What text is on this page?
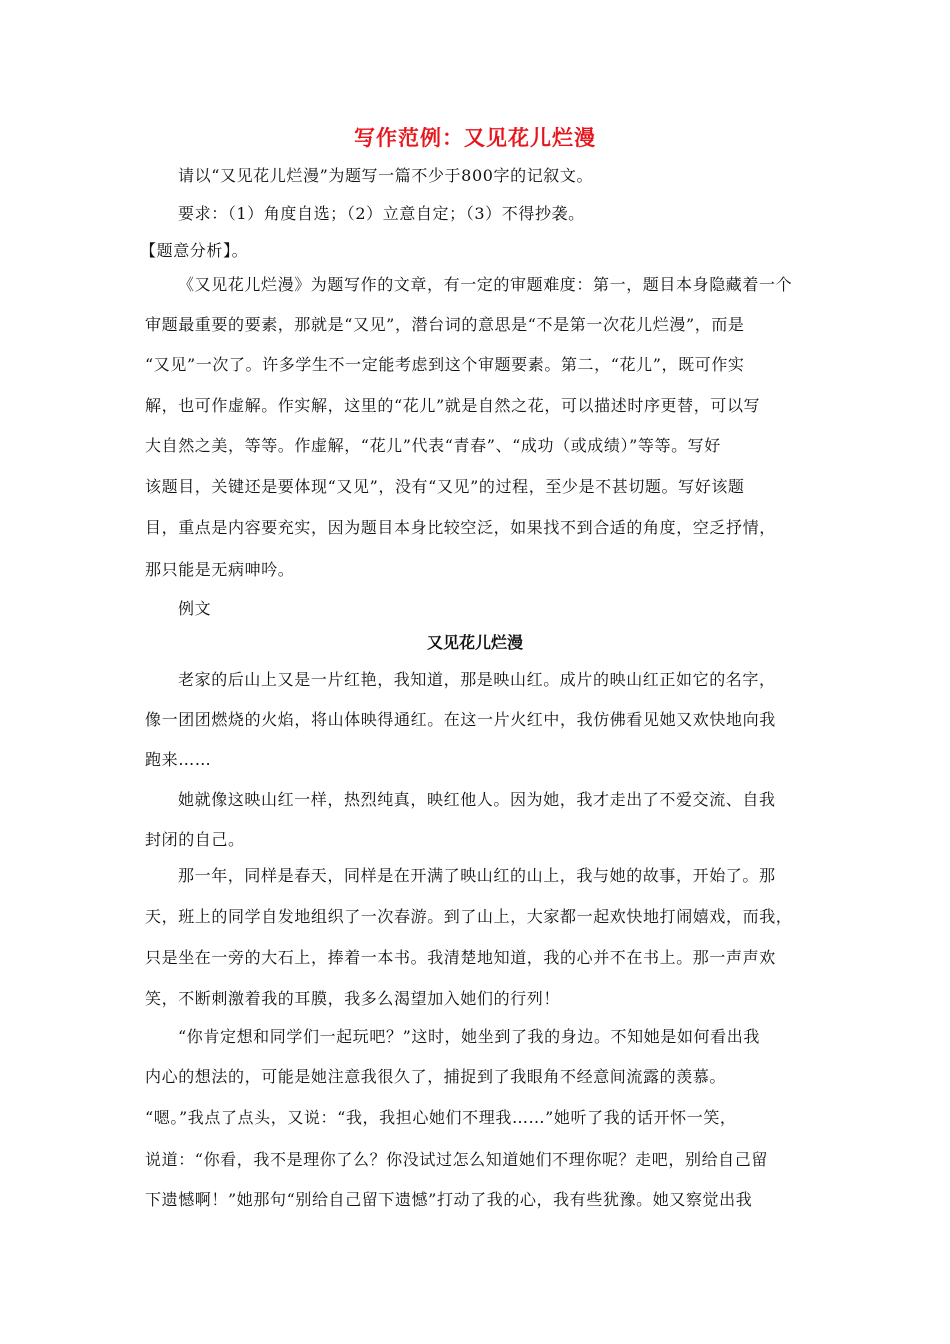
写作范例：又见花儿烂漫
请以“又见花儿烂漫”为题写一篇不少于800字的记叙文。
要求：（1）角度自选；（2）立意自定；（3）不得抄袭。
【题意分析】。
《又见花儿烂漫》为题写作的文章，有一定的审题难度：第一，题目本身隐藏着一个
审题最重要的要素，那就是“又见”，潜台词的意思是“不是第一次花儿烂漫”，而是
“又见”一次了。许多学生不一定能考虑到这个审题要素。第二，“花儿”，既可作实
解，也可作虚解。作实解，这里的“花儿”就是自然之花，可以描述时序更替，可以写
大自然之美，等等。作虚解，“花儿”代表“青春”、“成功（或成绩）”等等。写好
该题目，关键还是要体现“又见”，没有“又见”的过程，至少是不甚切题。写好该题
目，重点是内容要充实，因为题目本身比较空泛，如果找不到合适的角度，空乏抒情，
那只能是无病呻吟。
例文
又见花儿烂漫
老家的后山上又是一片红艳，我知道，那是映山红。成片的映山红正如它的名字，
像一团团燃烧的火焰，将山体映得通红。在这一片火红中，我仿佛看见她又欢快地向我
跑来……
她就像这映山红一样，热烈纯真，映红他人。因为她，我才走出了不爱交流、自我
封闭的自己。
那一年，同样是春天，同样是在开满了映山红的山上，我与她的故事，开始了。那
天，班上的同学自发地组织了一次春游。到了山上，大家都一起欢快地打闹嬉戏，而我，
只是坐在一旁的大石上，捧着一本书。我清楚地知道，我的心并不在书上。那一声声欢
笑，不断刺激着我的耳膜，我多么渴望加入她们的行列！
“你肯定想和同学们一起玩吧？”这时，她坐到了我的身边。不知她是如何看出我
内心的想法的，可能是她注意我很久了，捕捉到了我眼角不经意间流露的羡慕。
“嗯。”我点了点头，又说：“我，我担心她们不理我……”她听了我的话开怀一笑，
说道：“你看，我不是理你了么？你没试过怎么知道她们不理你呢？走吧，别给自己留
下遗憾啊！”她那句“别给自己留下遗憾”打动了我的心，我有些犹豫。她又察觉出我
